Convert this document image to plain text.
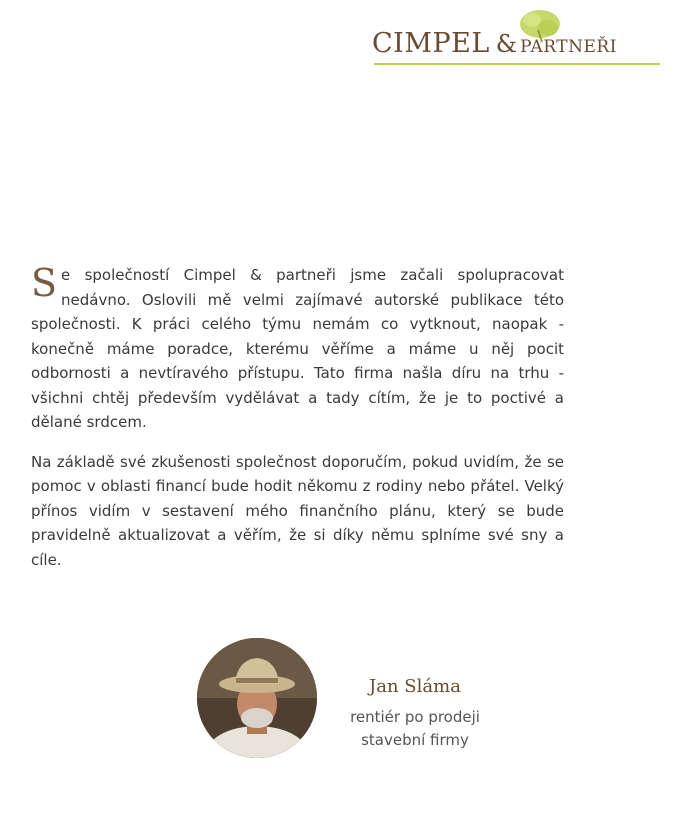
CIMPEL & PARTNEŘI

Se společností Cimpel & partneři jsme začali spolupracovat nedávno. Oslovili mě velmi zajímavé autorské publikace této společnosti. K práci celého týmu nemám co vytknout, naopak - konečně máme poradce, kterému věříme a máme u něj pocit odbornosti a nevtíravého přístupu. Tato firma našla díru na trhu - všichni chtěj především vydělávat a tady cítím, že je to poctivé a dělané srdcem.

Na základě své zkušenosti společnost doporučím, pokud uvidím, že se pomoc v oblasti financí bude hodit někomu z rodiny nebo přátel. Velký přínos vidím v sestavení mého finančního plánu, který se bude pravidelně aktualizovat a věřím, že si díky němu splníme své sny a cíle.

Jan Sláma
rentiér po prodeji
stavební firmy
